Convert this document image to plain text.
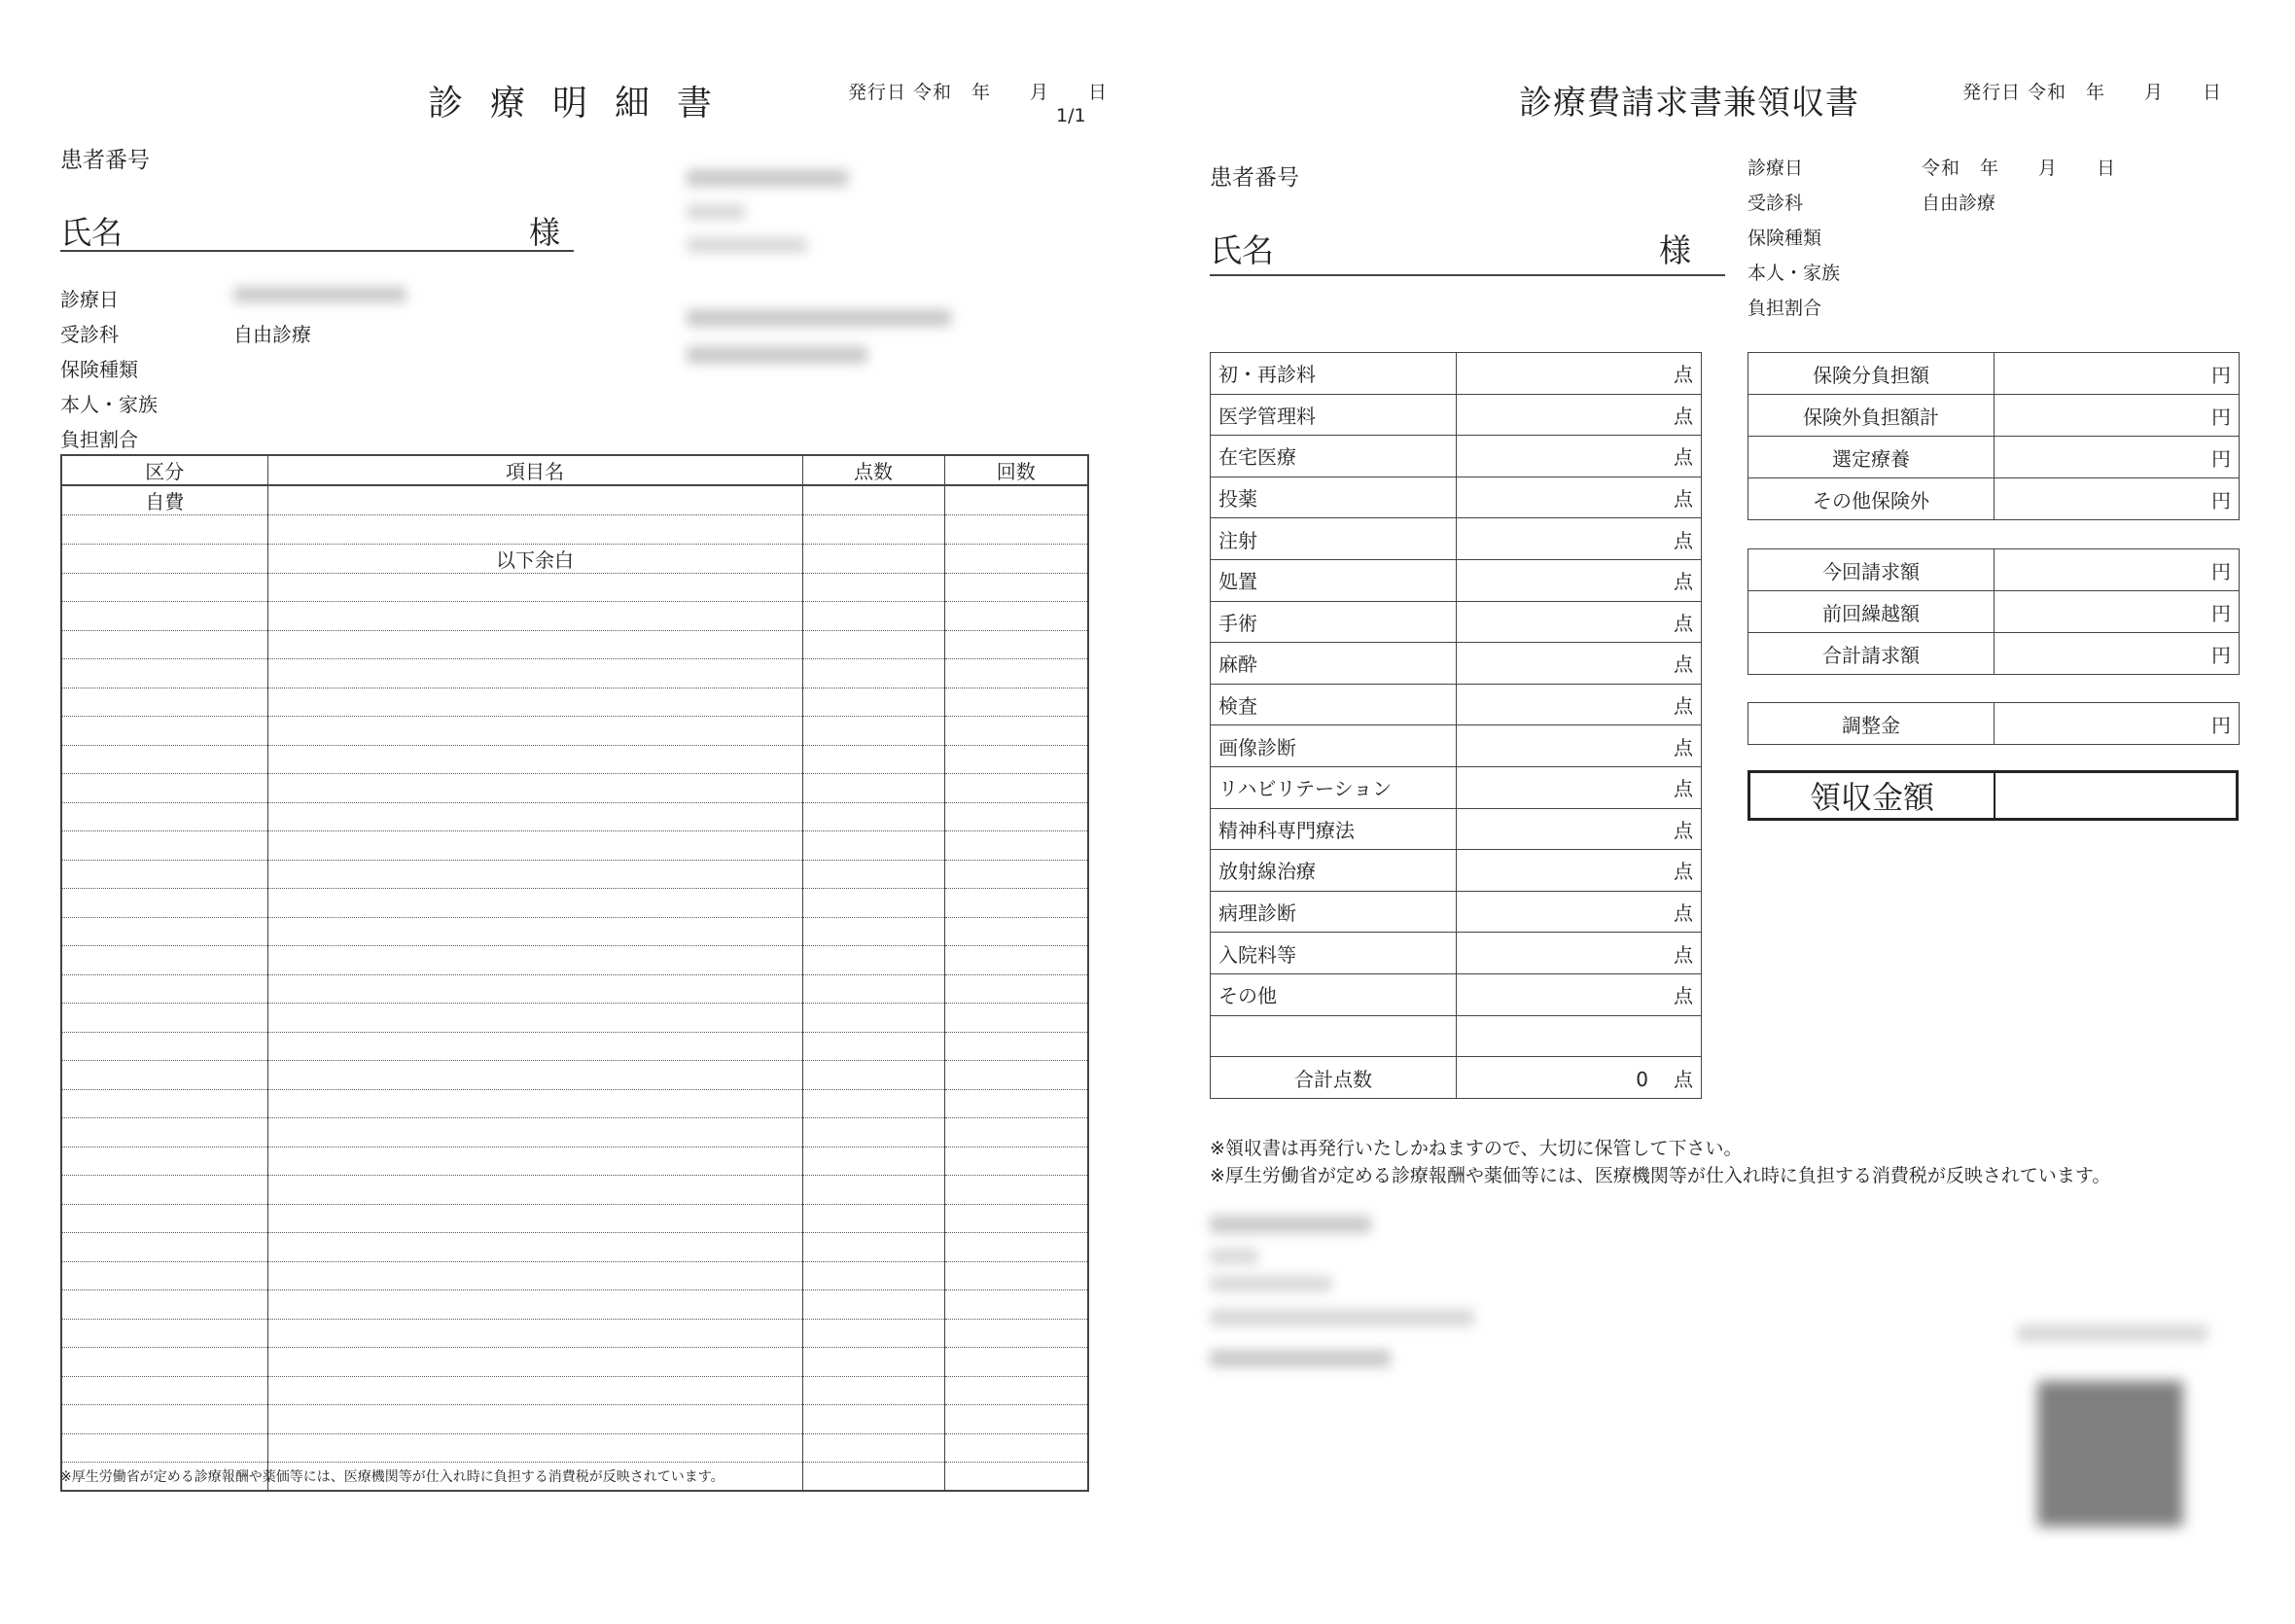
診療明細書	発行日 令和　年　　月　　日
1/1
患者番号
氏名	様
診療日
受診科	自由診療
保険種類
本人・家族
負担割合
区分	項目名	点数	回数
自費			

	以下余白		

※厚生労働省が定める診療報酬や薬価等には、医療機関等が仕入れ時に負担する消費税が反映されています。
診療費請求書兼領収書	発行日 令和　年　　月　　日
患者番号
氏名	様
診療日	令和　年　　月　　日
受診科	自由診療
保険種類
本人・家族
負担割合
初・再診料	点
医学管理料	点
在宅医療	点
投薬	点
注射	点
処置	点
手術	点
麻酔	点
検査	点
画像診断	点
リハビリテーション	点
精神科専門療法	点
放射線治療	点
病理診断	点
入院料等	点
その他	点

合計点数	0 点
保険分負担額	円
保険外負担額計	円
選定療養	円
その他保険外	円
今回請求額	円
前回繰越額	円
合計請求額	円
調整金	円
領収金額
※領収書は再発行いたしかねますので、大切に保管して下さい。
※厚生労働省が定める診療報酬や薬価等には、医療機関等が仕入れ時に負担する消費税が反映されています。
